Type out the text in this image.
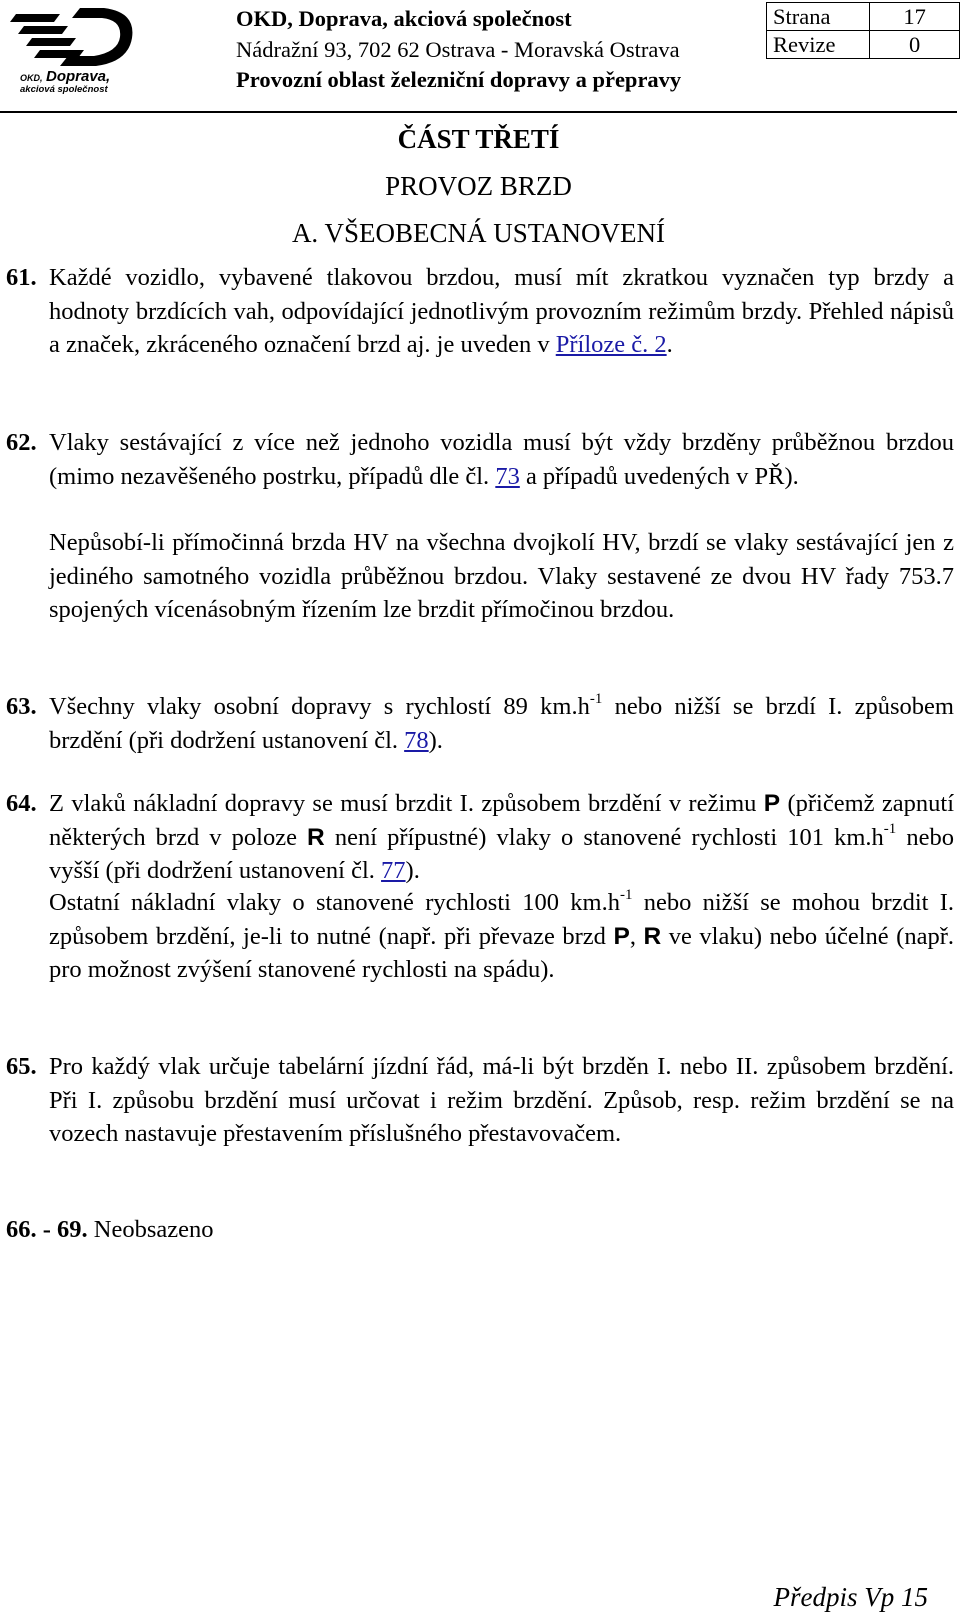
OKD, Doprava,
akciová společnost
OKD, Doprava, akciová společnost
Nádražní 93, 702 62 Ostrava - Moravská Ostrava
Provozní oblast železniční dopravy a přepravy
Strana	17
Revize	0
ČÁST TŘETÍ
PROVOZ BRZD
A. VŠEOBECNÁ USTANOVENÍ
61. Každé vozidlo, vybavené tlakovou brzdou, musí mít zkratkou vyznačen typ brzdy a hodnoty brzdících vah, odpovídající jednotlivým provozním režimům brzdy. Přehled nápisů a značek, zkráceného označení brzd aj. je uveden v Příloze č. 2.
62. Vlaky sestávající z více než jednoho vozidla musí být vždy brzděny průběžnou brzdou (mimo nezavěšeného postrku, případů dle čl. 73 a případů uvedených v PŘ).
Nepůsobí-li přímočinná brzda HV na všechna dvojkolí HV, brzdí se vlaky sestávající jen z jediného samotného vozidla průběžnou brzdou. Vlaky sestavené ze dvou HV řady 753.7 spojených vícenásobným řízením lze brzdit přímočinou brzdou.
63. Všechny vlaky osobní dopravy s rychlostí 89 $km.h^{-1}$ nebo nižší se brzdí I. způsobem brzdění (při dodržení ustanovení čl. 78).
64. Z vlaků nákladní dopravy se musí brzdit I. způsobem brzdění v režimu P (přičemž zapnutí některých brzd v poloze R není přípustné) vlaky o stanovené rychlosti 101 $km.h^{-1}$ nebo vyšší (při dodržení ustanovení čl. 77).
Ostatní nákladní vlaky o stanovené rychlosti 100 $km.h^{-1}$ nebo nižší se mohou brzdit I. způsobem brzdění, je-li to nutné (např. při převaze brzd P, R ve vlaku) nebo účelné (např. pro možnost zvýšení stanovené rychlosti na spádu).
65. Pro každý vlak určuje tabelární jízdní řád, má-li být brzděn I. nebo II. způsobem brzdění. Při I. způsobu brzdění musí určovat i režim brzdění. Způsob, resp. režim brzdění se na vozech nastavuje přestavením příslušného přestavovačem.
66. - 69. Neobsazeno
Předpis Vp 15
